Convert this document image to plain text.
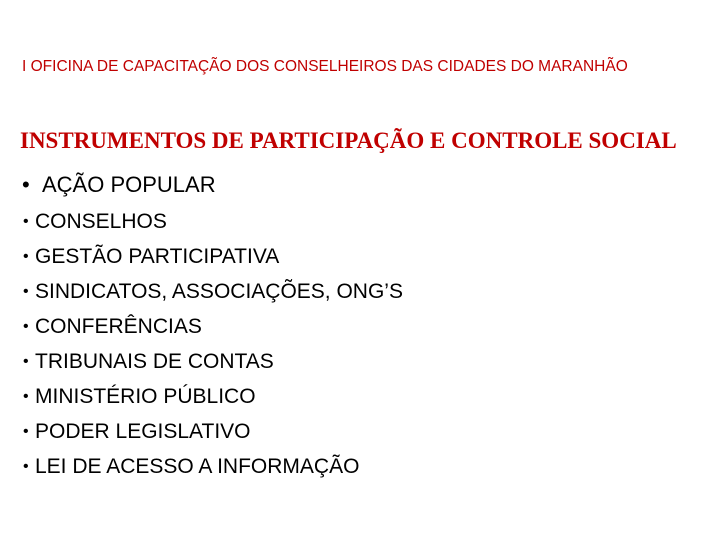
I OFICINA DE CAPACITAÇÃO DOS CONSELHEIROS DAS CIDADES DO MARANHÃO
INSTRUMENTOS DE PARTICIPAÇÃO E CONTROLE SOCIAL
• AÇÃO POPULAR
• CONSELHOS
• GESTÃO PARTICIPATIVA
• SINDICATOS, ASSOCIAÇÕES, ONG’S
• CONFERÊNCIAS
• TRIBUNAIS DE CONTAS
• MINISTÉRIO PÚBLICO
• PODER LEGISLATIVO
• LEI DE ACESSO A INFORMAÇÃO
